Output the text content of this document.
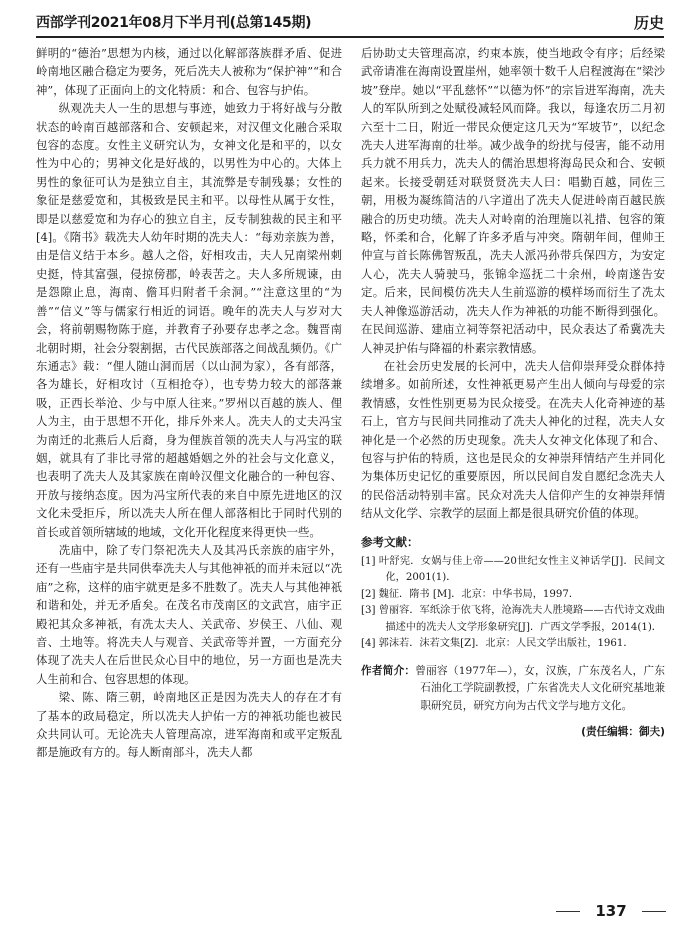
西部学刊2021年08月下半月刊(总第145期)	历史

鲜明的“德治”思想为内核，通过以化解部落族群矛盾、促进岭南地区融合稳定为要务，死后冼夫人被称为“保护神”“和合神”，体现了正面向上的文化特质：和合、包容与护佑。

纵观冼夫人一生的思想与事迹，她致力于将好战与分散状态的岭南百越部落和合、安顿起来，对汉俚文化融合采取包容的态度。女性主义研究认为，女神文化是和平的，以女性为中心的；男神文化是好战的，以男性为中心的。大体上男性的象征可认为是独立自主，其流弊是专制残暴；女性的象征是慈爱宽和，其极致是民主和平。以母性从属于女性，即是以慈爱宽和为存心的独立自主，反专制独裁的民主和平[4]。《隋书》载冼夫人幼年时期的冼夫人：“每劝亲族为善，由是信义结于本乡。越人之俗，好相攻击，夫人兄南梁州刺史挺，恃其富强，侵掠傍郡，岭表苦之。夫人多所规谏，由是怨隙止息，海南、儋耳归附者千余洞。”“注意这里的“为善”“信义”等与儒家行相近的词语。晚年的冼夫人与岁对大会，将前朝赐物陈于庭，并教育子孙要存忠孝之念。魏晋南北朝时期，社会分裂割据，古代民族部落之间战乱频仍。《广东通志》载：“俚人随山洞而居（以山洞为家），各有部落，各为雄长，好相攻讨（互相抢夺），也专势力较大的部落兼吸，正西长举沧、少与中原人往来。”罗州以百越的族人、俚人为主，由于思想不开化，排斥外来人。冼夫人的丈夫冯宝为南迁的北燕后人后裔，身为俚族首领的冼夫人与冯宝的联姻，就具有了非比寻常的超越婚姻之外的社会与文化意义，也表明了冼夫人及其家族在南岭汉俚文化融合的一种包容、开放与接纳态度。因为冯宝所代表的来自中原先进地区的汉文化未受拒斥，所以冼夫人所在俚人部落相比于同时代别的首长或首领所辖域的地域，文化开化程度来得更快一些。

冼庙中，除了专门祭祀冼夫人及其冯氏亲族的庙宇外，还有一些庙宇是共同供奉冼夫人与其他神祇的而并未冠以“冼庙”之称，这样的庙宇就更是多不胜数了。冼夫人与其他神祇和谐和处，并无矛盾矣。在茂名市茂南区的文武宫，庙宇正殿祀其众多神祇，有冼太夫人、关武帝、岁侯王、八仙、观音、土地等。将冼夫人与观音、关武帝等并置，一方面充分体现了冼夫人在后世民众心目中的地位，另一方面也是冼夫人生前和合、包容思想的体现。

梁、陈、隋三朝，岭南地区正是因为冼夫人的存在才有了基本的政局稳定，所以冼夫人护佑一方的神祇功能也被民众共同认可。无论冼夫人管理高凉，进军海南和或平定叛乱都是施政有方的。每人断南部斗，冼夫人都

后协助丈夫管理高凉，约束本族，使当地政令有序；后经梁武帝请准在海南设置崖州，她率领十数千人启程渡海在“梁沙坡”登岸。她以“平乱慈怀”“以德为怀”的宗旨进军海南，冼夫人的军队所到之处赋役减轻风而降。我以，每逢农历二月初六至十二日，附近一带民众便定这几天为“军坡节”，以纪念冼夫人进军海南的壮举。减少战争的纷扰与侵害，能不动用兵力就不用兵力，冼夫人的儒治思想将海岛民众和合、安顿起来。长接受朝廷对联贤贤冼夫人曰：唱勤百越，同佐三朝，用极为凝练简洁的八字道出了冼夫人促进岭南百越民族融合的历史功绩。冼夫人对岭南的治理施以礼措、包容的策略，怀柔和合，化解了许多矛盾与冲突。隋朝年间，俚帅王仲宣与首长陈佛智叛乱，冼夫人派冯孙带兵保四方，为安定人心，冼夫人骑驶马，张锦伞巡抚二十余州，岭南遂告安定。后来，民间模仿冼夫人生前巡游的模样场而衍生了冼太夫人神像巡游活动，冼夫人作为神祇的功能不断得到强化。在民间巡游、建庙立祠等祭祀活动中，民众表达了希冀冼夫人神灵护佑与降福的朴素宗教情感。

在社会历史发展的长河中，冼夫人信仰崇拜受众群体持续增多。如前所述，女性神祇更易产生出人倾向与母爱的宗教情感，女性性别更易为民众接受。在冼夫人化奇神迹的基石上，官方与民间共同推动了冼夫人神化的过程，冼夫人女神化是一个必然的历史现象。冼夫人女神文化体现了和合、包容与护佑的特质，这也是民众的女神崇拜情结产生并同化为集体历史记忆的重要原因，所以民间自发自愿纪念冼夫人的民俗活动特别丰富。民众对冼夫人信仰产生的女神崇拜情结从文化学、宗教学的层面上都是很具研究价值的体现。

参考文献：
[1] 叶舒宪．女娲与佳上帝——20世纪女性主义神话学[J]．民间文化，2001(1)．
[2] 魏征．隋书 [M]．北京：中华书局，1997．
[3] 曾丽容．军纸涂于依飞将，沧海冼夫人胜境路——古代诗文戏曲描述中的冼夫人文学形象研究[J]．广西文学季报，2014(1)．
[4] 郭沫若．沫若文集[Z]．北京：人民文学出版社，1961．
作者简介：曾丽容（1977年—），女，汉族，广东茂名人，广东石油化工学院副教授，广东省冼夫人文化研究基地兼职研究员，研究方向为古代文学与地方文化。
(责任编辑：御夫)
137
